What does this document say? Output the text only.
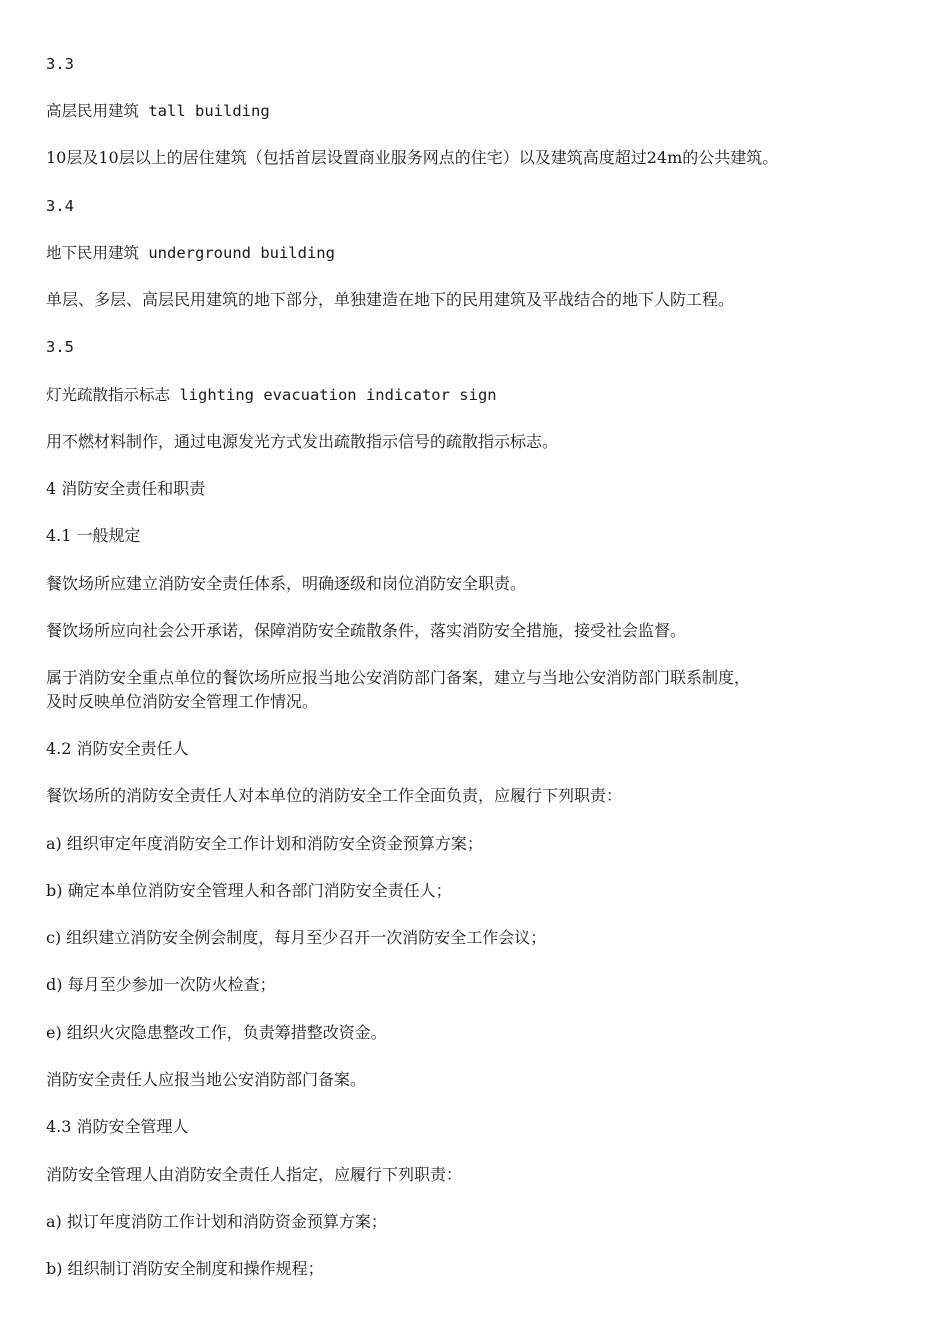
3.3
高层民用建筑 tall building
10层及10层以上的居住建筑（包括首层设置商业服务网点的住宅）以及建筑高度超过24m的公共建筑。
3.4
地下民用建筑 underground building
单层、多层、高层民用建筑的地下部分，单独建造在地下的民用建筑及平战结合的地下人防工程。
3.5
灯光疏散指示标志 lighting evacuation indicator sign
用不燃材料制作，通过电源发光方式发出疏散指示信号的疏散指示标志。
4 消防安全责任和职责
4.1 一般规定
餐饮场所应建立消防安全责任体系，明确逐级和岗位消防安全职责。
餐饮场所应向社会公开承诺，保障消防安全疏散条件，落实消防安全措施，接受社会监督。
属于消防安全重点单位的餐饮场所应报当地公安消防部门备案，建立与当地公安消防部门联系制度，
及时反映单位消防安全管理工作情况。
4.2 消防安全责任人
餐饮场所的消防安全责任人对本单位的消防安全工作全面负责，应履行下列职责：
a) 组织审定年度消防安全工作计划和消防安全资金预算方案；
b) 确定本单位消防安全管理人和各部门消防安全责任人；
c) 组织建立消防安全例会制度，每月至少召开一次消防安全工作会议；
d) 每月至少参加一次防火检查；
e) 组织火灾隐患整改工作，负责筹措整改资金。
消防安全责任人应报当地公安消防部门备案。
4.3 消防安全管理人
消防安全管理人由消防安全责任人指定，应履行下列职责：
a) 拟订年度消防工作计划和消防资金预算方案；
b) 组织制订消防安全制度和操作规程；
